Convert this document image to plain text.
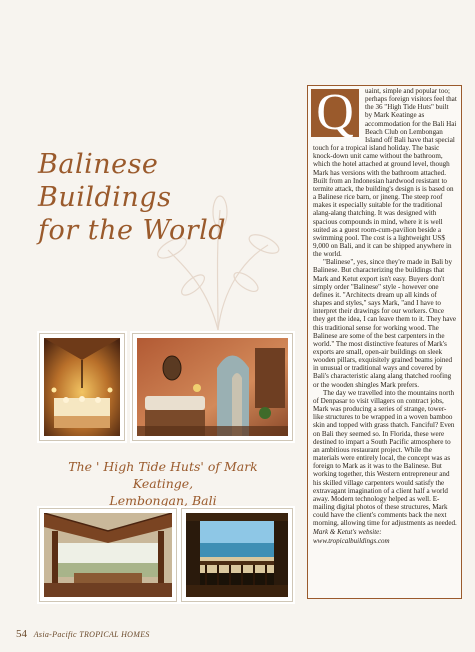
Balinese
Buildings
for the World
The ' High Tide Huts' of Mark Keatinge,
Lembongan, Bali
Q	uaint, simple and popular too; perhaps foreign visitors feel that the 36 "High Tide Huts" built by Mark Keatinge as accommodation for the Bali Hai Beach Club on Lembongan Island off Bali have that special touch for a tropical island holiday. The basic knock-down unit came without the bathroom, which the hotel attached at ground level, though Mark has versions with the bathroom attached. Built from an Indonesian hardwood resistant to termite attack, the building's design is is based on a Balinese rice barn, or jineng. The steep roof makes it especially suitable for the traditional alang-alang thatching. It was designed with spacious compounds in mind, where it is well suited as a guest room-cum-pavilion beside a swimming pool. The cost is a lightweight US$ 9,000 on Bali, and it can be shipped anywhere in the world.

"Balinese", yes, since they're made in Bali by Balinese. But characterizing the buildings that Mark and Ketut export isn't easy. Buyers don't simply order "Balinese" style - however one defines it. "Architects dream up all kinds of shapes and styles," says Mark, "and I have to interpret their drawings for our workers. Once they get the idea, I can leave them to it. They have this traditional sense for working wood. The Balinese are some of the best carpenters in the world." The most distinctive features of Mark's exports are small, open-air buildings on sleek wooden pillars, exquisitely grained beams joined in unusual or traditional ways and covered by Bali's characteristic alang alang thatched roofing or the wooden shingles Mark prefers.

The day we travelled into the mountains north of Denpasar to visit villagers on contract jobs, Mark was producing a series of strange, tower-like structures to be wrapped in a woven bamboo skin and topped with grass thatch. Fanciful? Even on Bali they seemed so. In Florida, these were destined to impart a South Pacific atmosphere to an ambitious restaurant project. While the materials were entirely local, the concept was as foreign to Mark as it was to the Balinese. But working together, this Western entrepreneur and his skilled village carpenters would satisfy the extravagant imagination of a client half a world away. Modern technology helped as well. E-mailing digital photos of these structures, Mark could have the client's comments back the next morning, allowing time for adjustments as needed.

Mark & Ketut's website: www.tropicalbuildings.com
54 Asia-Pacific TROPICAL HOMES
